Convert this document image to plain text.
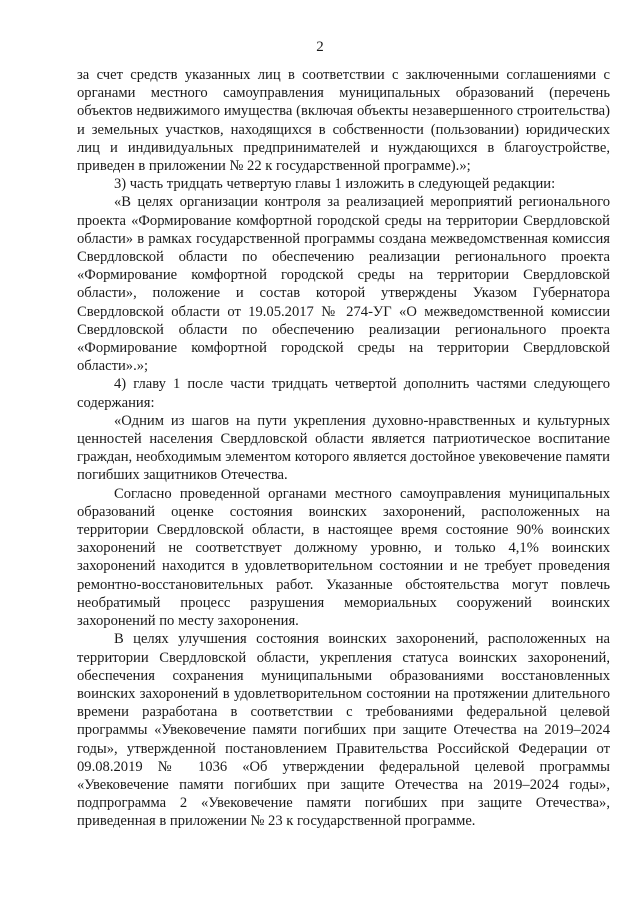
2

за счет средств указанных лиц в соответствии с заключенными соглашениями с органами местного самоуправления муниципальных образований (перечень объектов недвижимого имущества (включая объекты незавершенного строительства) и земельных участков, находящихся в собственности (пользовании) юридических лиц и индивидуальных предпринимателей и нуждающихся в благоустройстве, приведен в приложении № 22 к государственной программе).»;

3) часть тридцать четвертую главы 1 изложить в следующей редакции:

«В целях организации контроля за реализацией мероприятий регионального проекта «Формирование комфортной городской среды на территории Свердловской области» в рамках государственной программы создана межведомственная комиссия Свердловской области по обеспечению реализации регионального проекта «Формирование комфортной городской среды на территории Свердловской области», положение и состав которой утверждены Указом Губернатора Свердловской области от 19.05.2017 № 274-УГ «О межведомственной комиссии Свердловской области по обеспечению реализации регионального проекта «Формирование комфортной городской среды на территории Свердловской области».»;

4) главу 1 после части тридцать четвертой дополнить частями следующего содержания:

«Одним из шагов на пути укрепления духовно-нравственных и культурных ценностей населения Свердловской области является патриотическое воспитание граждан, необходимым элементом которого является достойное увековечение памяти погибших защитников Отечества.

Согласно проведенной органами местного самоуправления муниципальных образований оценке состояния воинских захоронений, расположенных на территории Свердловской области, в настоящее время состояние 90% воинских захоронений не соответствует должному уровню, и только 4,1% воинских захоронений находится в удовлетворительном состоянии и не требует проведения ремонтно-восстановительных работ. Указанные обстоятельства могут повлечь необратимый процесс разрушения мемориальных сооружений воинских захоронений по месту захоронения.

В целях улучшения состояния воинских захоронений, расположенных на территории Свердловской области, укрепления статуса воинских захоронений, обеспечения сохранения муниципальными образованиями восстановленных воинских захоронений в удовлетворительном состоянии на протяжении длительного времени разработана в соответствии с требованиями федеральной целевой программы «Увековечение памяти погибших при защите Отечества на 2019–2024 годы», утвержденной постановлением Правительства Российской Федерации от 09.08.2019 № 1036 «Об утверждении федеральной целевой программы «Увековечение памяти погибших при защите Отечества на 2019–2024 годы», подпрограмма 2 «Увековечение памяти погибших при защите Отечества», приведенная в приложении № 23 к государственной программе.
